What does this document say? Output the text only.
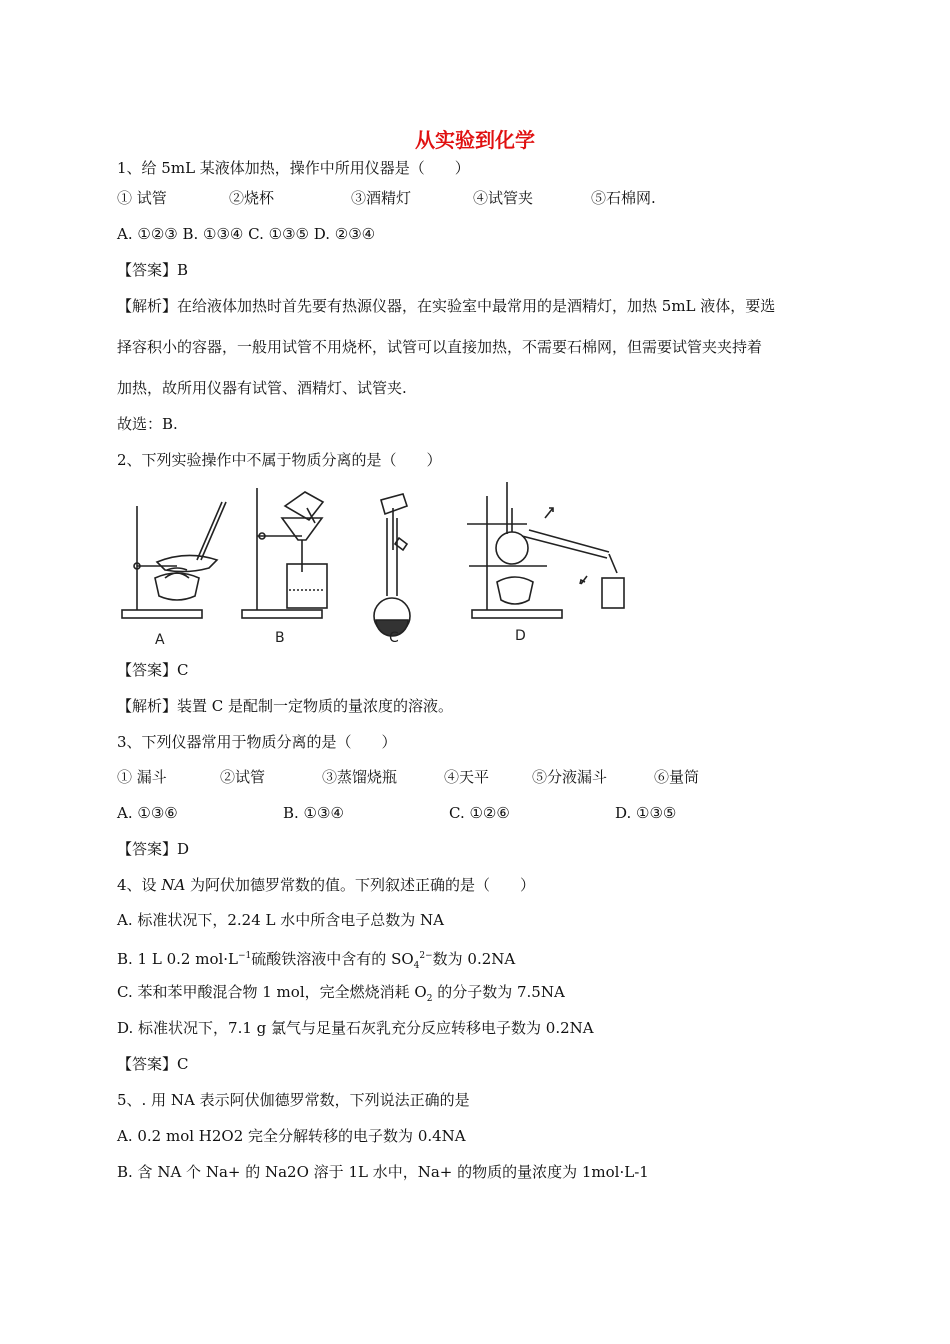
从实验到化学
1、给 5mL 某液体加热，操作中所用仪器是（　　）
① 试管	②烧杯	③酒精灯	④试管夹	⑤石棉网.
A. ①②③ B. ①③④ C. ①③⑤ D. ②③④
【答案】B
【解析】在给液体加热时首先要有热源仪器，在实验室中最常用的是酒精灯，加热 5mL 液体，要选
择容积小的容器，一般用试管不用烧杯，试管可以直接加热，不需要石棉网，但需要试管夹夹持着
加热，故所用仪器有试管、酒精灯、试管夹.
故选：B.
2、下列实验操作中不属于物质分离的是（　　）
A	B	C	D
【答案】C
【解析】装置 C 是配制一定物质的量浓度的溶液。
3、下列仪器常用于物质分离的是（　　）
① 漏斗	②试管	③蒸馏烧瓶	④天平	⑤分液漏斗	⑥量筒
A. ①③⑥	B. ①③④	C. ①②⑥	D. ①③⑤
【答案】D
4、设 NA 为阿伏加德罗常数的值。下列叙述正确的是（　　）
A. 标准状况下，2.24 L 水中所含电子总数为 NA
B. 1 L 0.2 $mol\cdot L^{-1}$硫酸铁溶液中含有的 $SO_4^{2-}$数为 0.2NA
C. 苯和苯甲酸混合物 1 mol，完全燃烧消耗 $O_2$ 的分子数为 7.5NA
D. 标准状况下，7.1 g 氯气与足量石灰乳充分反应转移电子数为 0.2NA
【答案】C
5、. 用 NA 表示阿伏伽德罗常数，下列说法正确的是
A. 0.2 mol H2O2 完全分解转移的电子数为 0.4NA
B. 含 NA 个 Na+ 的 Na2O 溶于 1L 水中，Na+ 的物质的量浓度为 1mol·L-1
